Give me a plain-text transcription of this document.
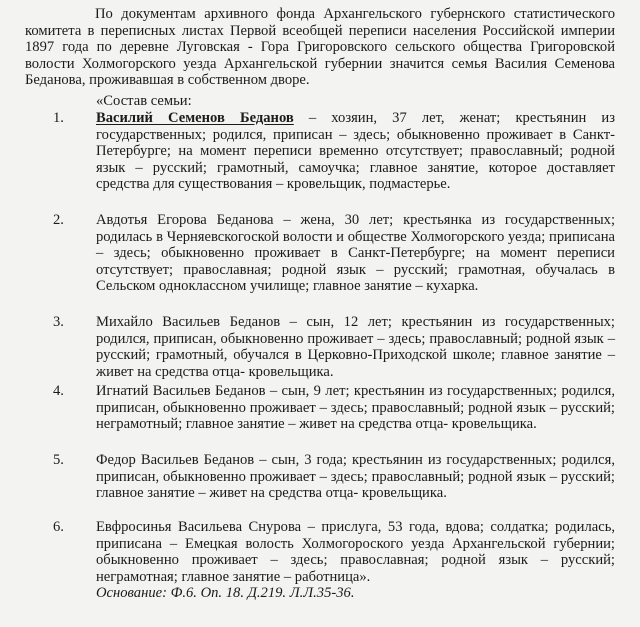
По документам архивного фонда Архангельского губернского статистического комитета в переписных листах Первой всеобщей переписи населения Российской империи 1897 года по деревне Луговская - Гора Григоровского сельского общества Григоровской волости Холмогорского уезда Архангельской губернии значится семья Василия Семенова Беданова, проживавшая в собственном дворе.

«Состав семьи:

1. Василий Семенов Беданов – хозяин, 37 лет, женат; крестьянин из государственных; родился, приписан – здесь; обыкновенно проживает в Санкт-Петербурге; на момент переписи временно отсутствует; православный; родной язык – русский; грамотный, самоучка; главное занятие, которое доставляет средства для существования – кровельщик, подмастерье.

2. Авдотья Егорова Беданова – жена, 30 лет; крестьянка из государственных; родилась в Черняевскогоской волости и обществе Холмогорского уезда; приписана – здесь; обыкновенно проживает в Санкт-Петербурге; на момент переписи отсутствует; православная; родной язык – русский; грамотная, обучалась в Сельском одноклассном училище; главное занятие – кухарка.

3. Михайло Васильев Беданов – сын, 12 лет; крестьянин из государственных; родился, приписан, обыкновенно проживает – здесь; православный; родной язык – русский; грамотный, обучался в Церковно-Приходской школе; главное занятие – живет на средства отца- кровельщика.

4. Игнатий Васильев Беданов – сын, 9 лет; крестьянин из государственных; родился, приписан, обыкновенно проживает – здесь; православный; родной язык – русский; неграмотный; главное занятие – живет на средства отца- кровельщика.

5. Федор Васильев Беданов – сын, 3 года; крестьянин из государственных; родился, приписан, обыкновенно проживает – здесь; православный; родной язык – русский; главное занятие – живет на средства отца- кровельщика.

6. Евфросинья Васильева Снурова – прислуга, 53 года, вдова; солдатка; родилась, приписана – Емецкая волость Холмогороского уезда Архангельской губернии; обыкновенно проживает – здесь; православная; родной язык – русский; неграмотная; главное занятие – работница».

Основание: Ф.6. Оп. 18. Д.219. Л.Л.35-36.
